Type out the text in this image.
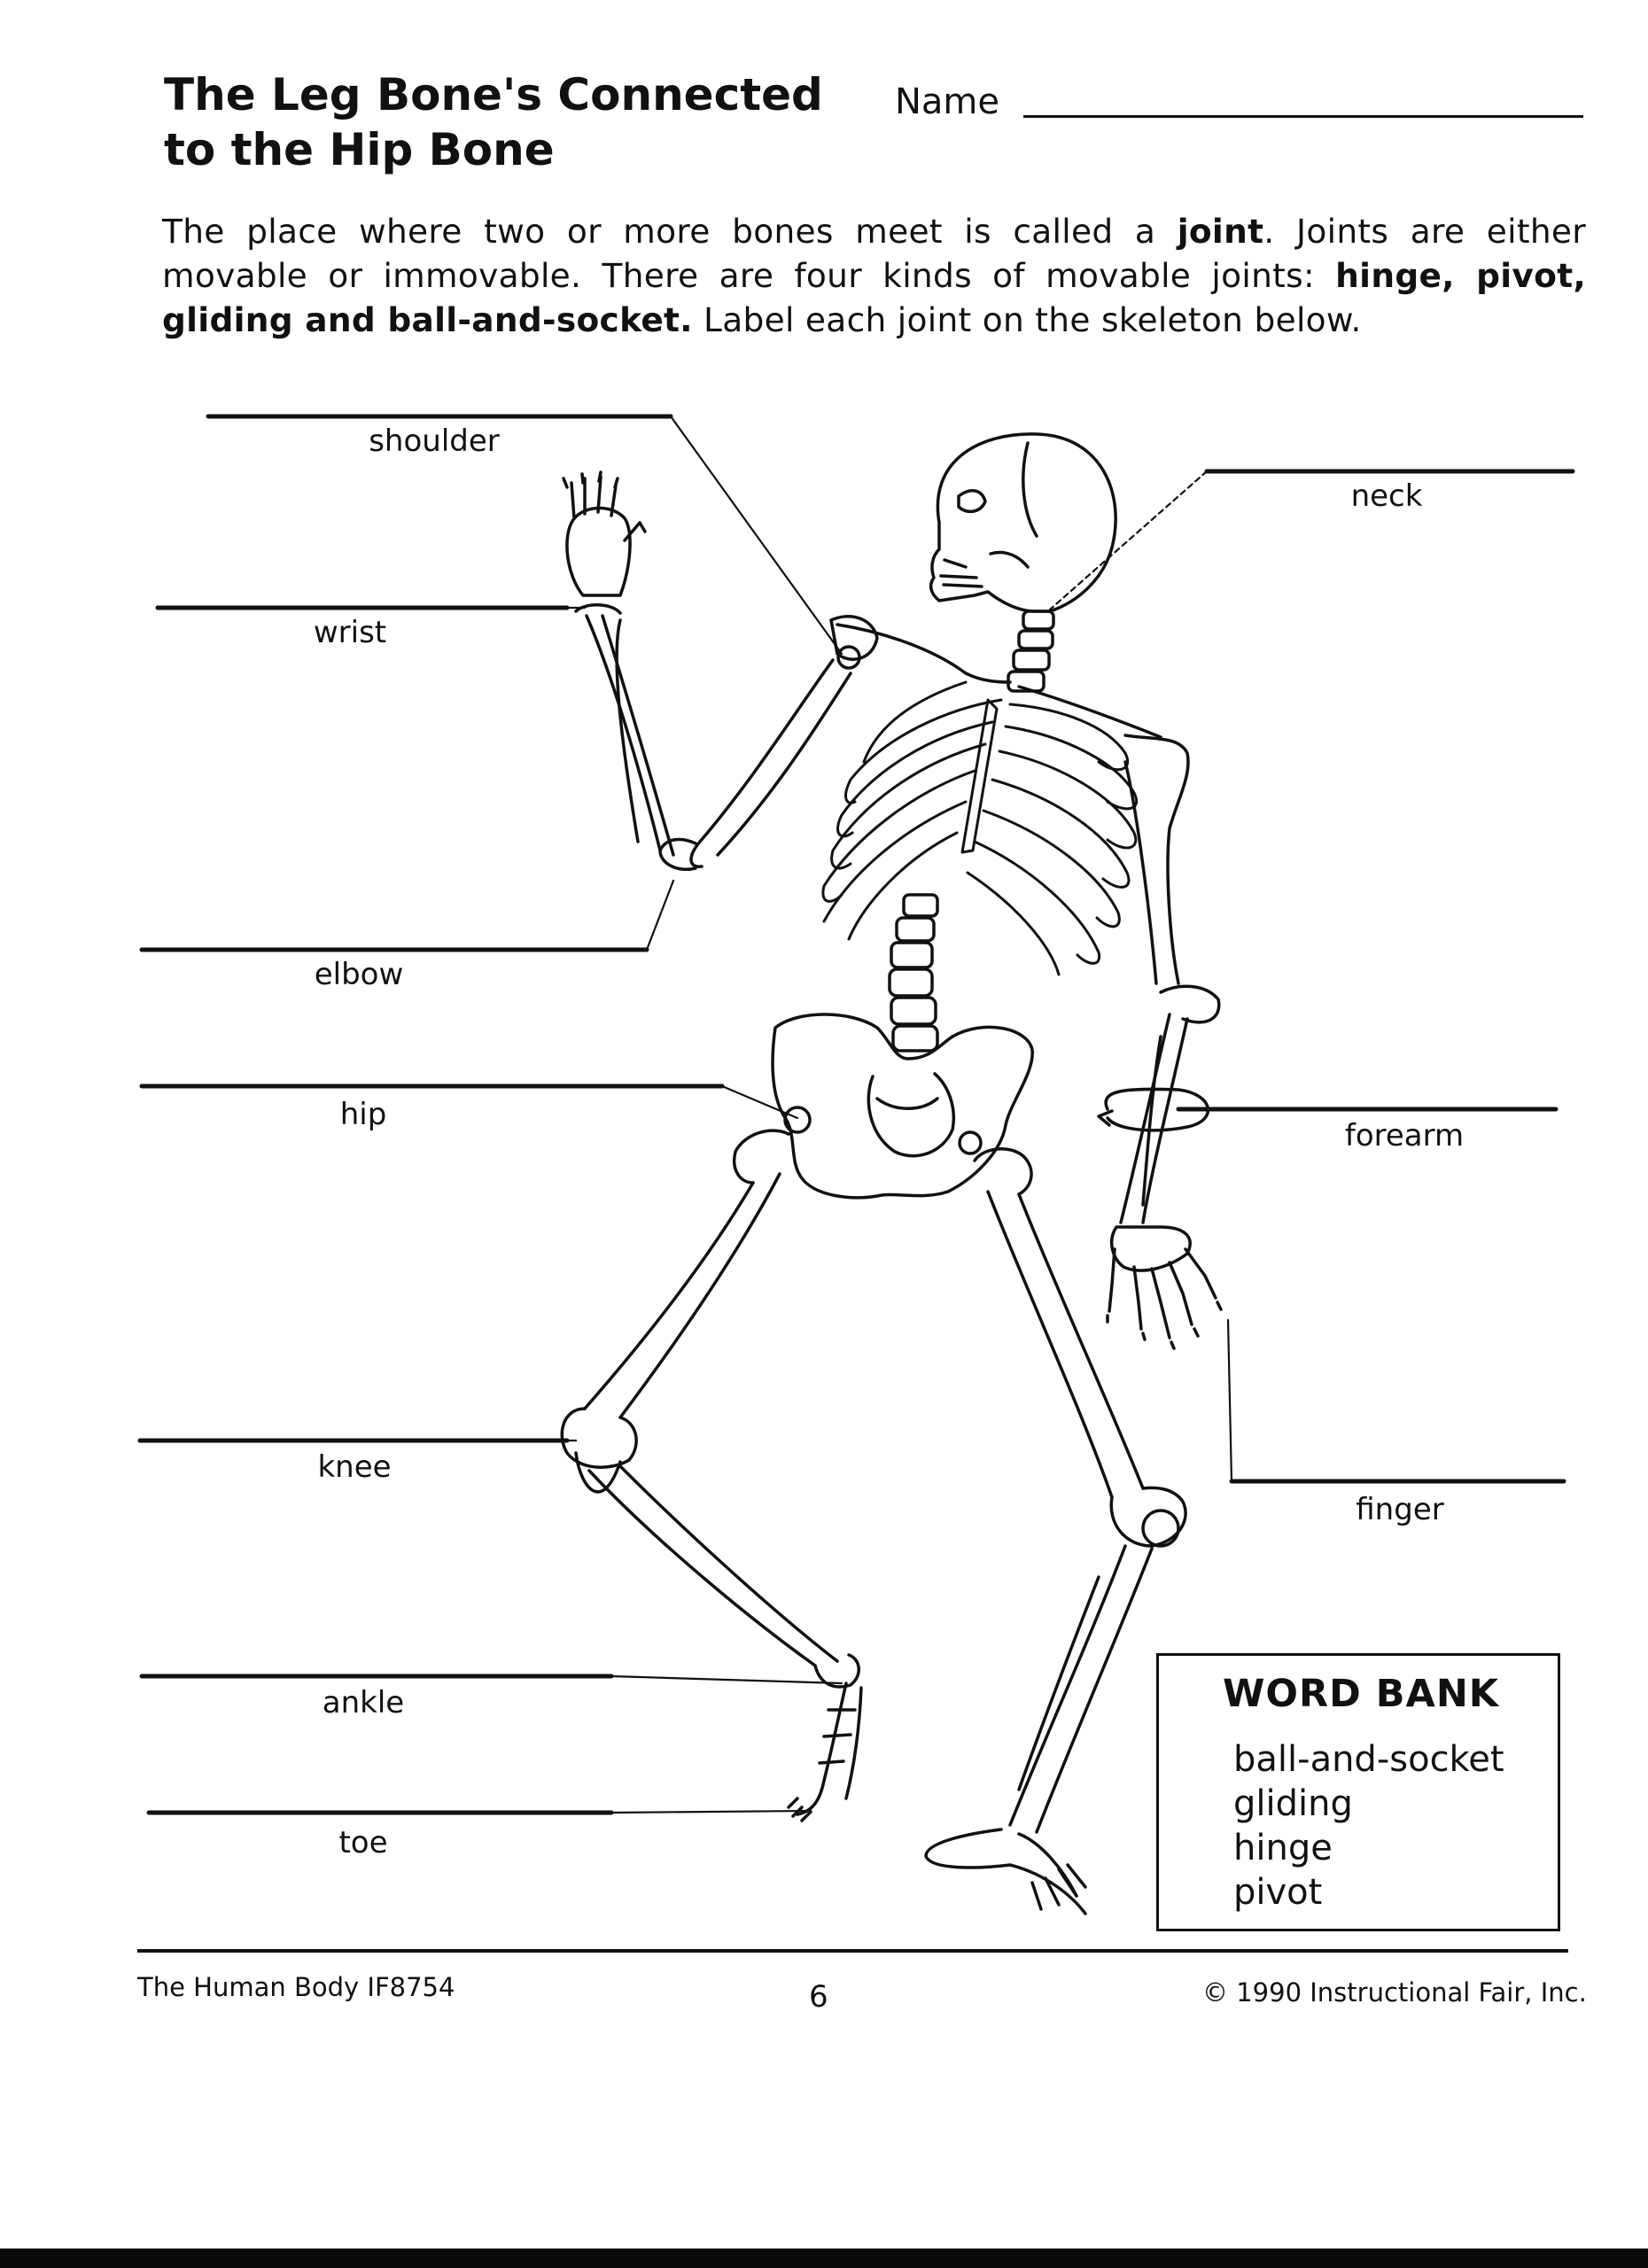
The Leg Bone's Connected
to the Hip Bone
Name

The place where two or more bones meet is called a joint. Joints are either movable or immovable. There are four kinds of movable joints: hinge, pivot, gliding and ball-and-socket. Label each joint on the skeleton below.

shoulder
wrist
elbow
hip
knee
ankle
toe
neck
forearm
finger
WORD BANK
ball-and-socket
gliding
hinge
pivot
The Human Body IF8754	6	© 1990 Instructional Fair, Inc.
